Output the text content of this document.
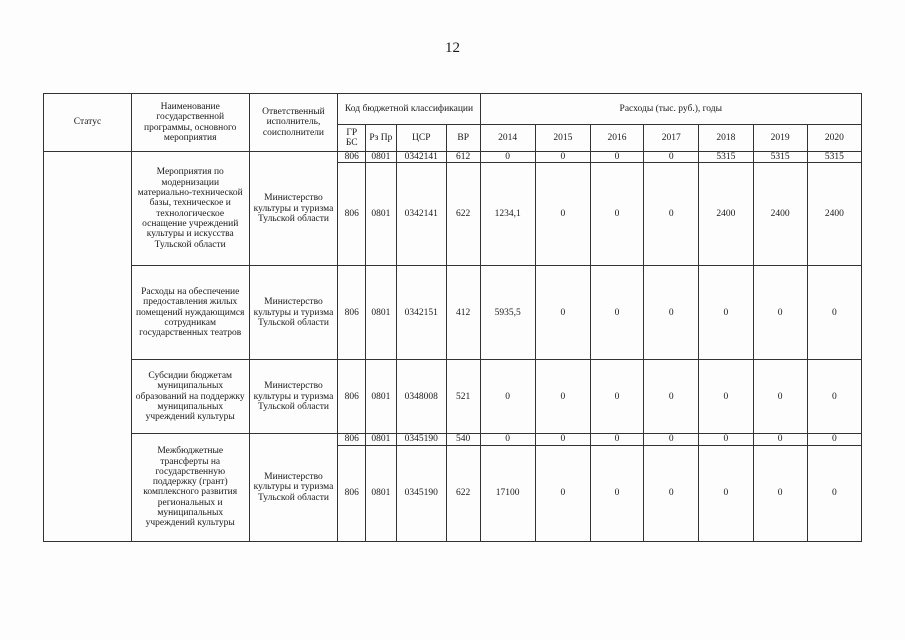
12
Статус	Наименование государственной программы, основного мероприятия	Ответственный исполнитель, соисполнители	Код бюджетной классификации				Расходы (тыс. руб.), годы						
			ГР БС	Рз Пр	ЦСР	ВР	2014	2015	2016	2017	2018	2019	2020
	Мероприятия по модернизации материально-технической базы, техническое и технологическое оснащение учреждений культуры и искусства Тульской области	Министерство культуры и туризма Тульской области	806	0801	0342141	612	0	0	0	0	5315	5315	5315
			806	0801	0342141	622	1234,1	0	0	0	2400	2400	2400
	Расходы на обеспечение предоставления жилых помещений нуждающимся сотрудникам государственных театров	Министерство культуры и туризма Тульской области	806	0801	0342151	412	5935,5	0	0	0	0	0	0
	Субсидии бюджетам муниципальных образований на поддержку муниципальных учреждений культуры	Министерство культуры и туризма Тульской области	806	0801	0348008	521	0	0	0	0	0	0	0
	Межбюджетные трансферты на государственную поддержку (грант) комплексного развития региональных и муниципальных учреждений культуры	Министерство культуры и туризма Тульской области	806	0801	0345190	540	0	0	0	0	0	0	0
			806	0801	0345190	622	17100	0	0	0	0	0	0
